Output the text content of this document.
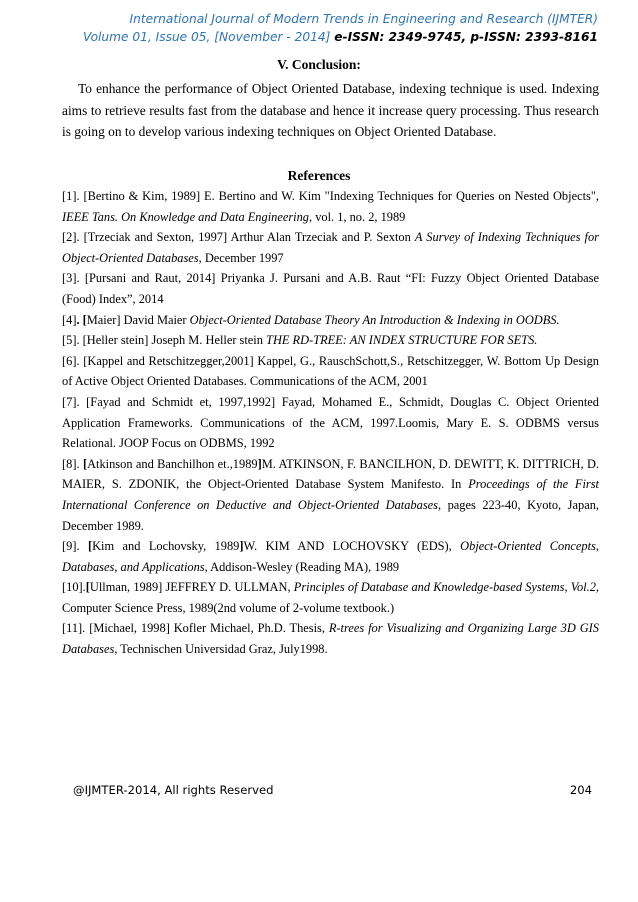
International Journal of Modern Trends in Engineering and Research (IJMTER)
Volume 01, Issue 05, [November - 2014] e-ISSN: 2349-9745, p-ISSN: 2393-8161
V. Conclusion:
To enhance the performance of Object Oriented Database, indexing technique is used. Indexing aims to retrieve results fast from the database and hence it increase query processing. Thus research is going on to develop various indexing techniques on Object Oriented Database.
References

[1]. [Bertino & Kim, 1989] E. Bertino and W. Kim "Indexing Techniques for Queries on Nested Objects", IEEE Tans. On Knowledge and Data Engineering, vol. 1, no. 2, 1989

[2]. [Trzeciak and Sexton, 1997] Arthur Alan Trzeciak and P. Sexton A Survey of Indexing Techniques for Object-Oriented Databases, December 1997

[3]. [Pursani and Raut, 2014] Priyanka J. Pursani and A.B. Raut “FI: Fuzzy Object Oriented Database (Food) Index”, 2014

[4]. [Maier] David Maier Object-Oriented Database Theory An Introduction & Indexing in OODBS.

[5]. [Heller stein] Joseph M. Heller stein THE RD-TREE: AN INDEX STRUCTURE FOR SETS.

[6]. [Kappel and Retschitzegger,2001] Kappel, G., RauschSchott,S., Retschitzegger, W. Bottom Up Design of Active Object Oriented Databases. Communications of the ACM, 2001

[7]. [Fayad and Schmidt et, 1997,1992] Fayad, Mohamed E., Schmidt, Douglas C. Object Oriented Application Frameworks. Communications of the ACM, 1997.Loomis, Mary E. S. ODBMS versus Relational. JOOP Focus on ODBMS, 1992

[8]. [Atkinson and Banchilhon et.,1989]M. ATKINSON, F. BANCILHON, D. DEWITT, K. DITTRICH, D. MAIER, S. ZDONIK, the Object-Oriented Database System Manifesto. In Proceedings of the First International Conference on Deductive and Object-Oriented Databases, pages 223-40, Kyoto, Japan, December 1989.

[9]. [Kim and Lochovsky, 1989]W. KIM AND LOCHOVSKY (EDS), Object-Oriented Concepts, Databases, and Applications, Addison-Wesley (Reading MA), 1989

[10].[Ullman, 1989] JEFFREY D. ULLMAN, Principles of Database and Knowledge-based Systems, Vol.2, Computer Science Press, 1989(2nd volume of 2-volume textbook.)

[11]. [Michael, 1998] Kofler Michael, Ph.D. Thesis, R-trees for Visualizing and Organizing Large 3D GIS Databases, Technischen Universidad Graz, July1998.

@IJMTER-2014, All rights Reserved	204
